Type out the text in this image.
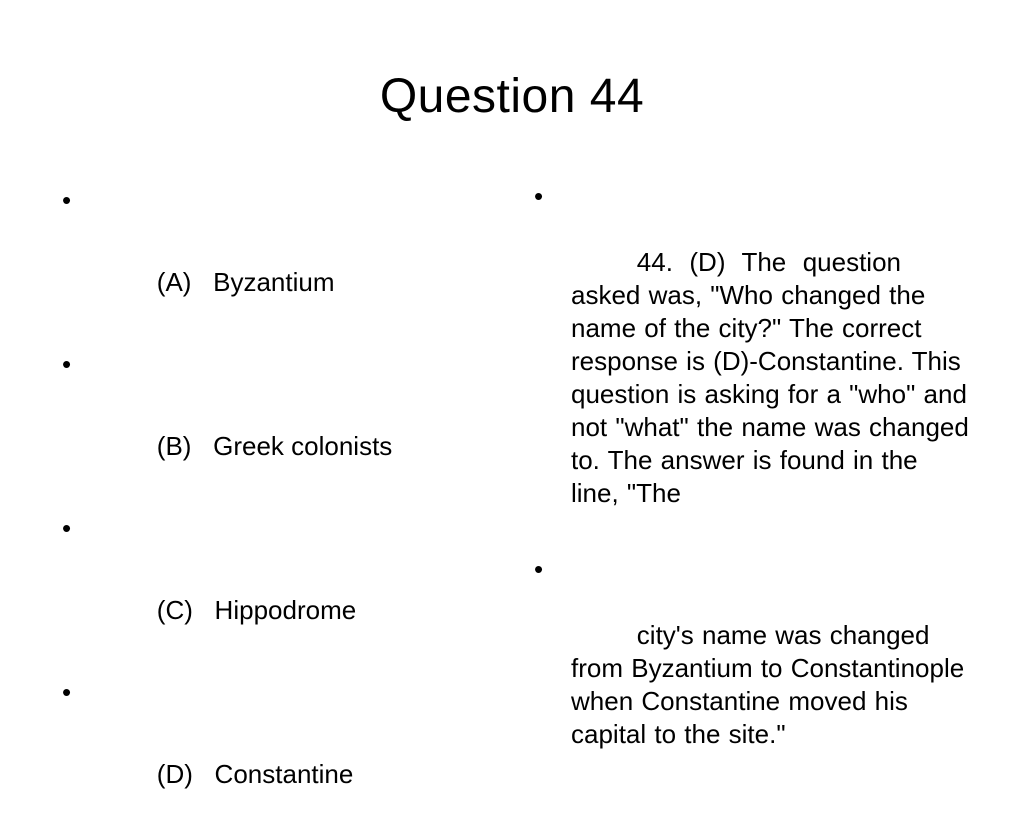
Question 44

•

(A)   Byzantium

•

(B)   Greek colonists

•

(C)   Hippodrome

•

(D)   Constantine

•

44.  (D)  The  question asked was, "Who changed the name of the city?" The correct response is (D)-Constantine. This question is asking for a "who" and not "what" the name was changed to. The answer is found in the line, "The

•

city's name was changed from Byzantium to Constantinople when Constantine moved his capital to the site."
